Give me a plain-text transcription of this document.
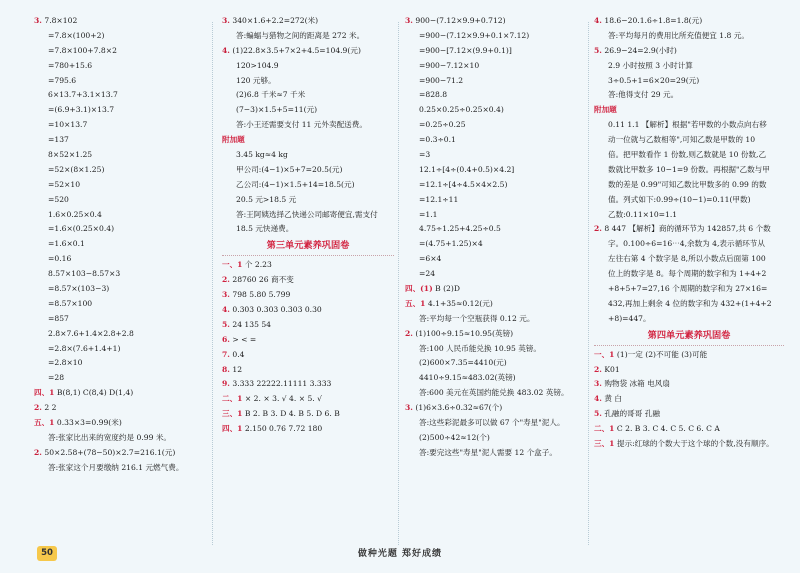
3. 7.8×102
=7.8×(100+2)
=7.8×100+7.8×2
=780+15.6
=795.6
6×13.7+3.1×13.7
=(6.9+3.1)×13.7
=10×13.7
=137
8×52×1.25
=52×(8×1.25)
=52×10
=520
1.6×0.25×0.4
=1.6×(0.25×0.4)
=1.6×0.1
=0.16
8.57×103−8.57×3
=8.57×(103−3)
=8.57×100
=857
2.8×7.6+1.4×2.8+2.8
=2.8×(7.6+1.4+1)
=2.8×10
=28
四、1 B(8,1) C(8,4) D(1,4)
2. 2 2
五、1 0.33×3=0.99(米)
答:张家比出来的宽度约是 0.99 米。
2. 50×2.58+(78−50)×2.7=216.1(元)
答:张家这个月要缴纳 216.1 元燃气费。
3. 340×1.6+2.2=272(米)
答:蝙蝠与猎物之间的距离是 272 米。
4. (1)22.8×3.5+7×2+4.5=104.9(元)
120>104.9
120 元够。
(2)6.8 千米≈7 千米
(7−3)×1.5+5=11(元)
答:小王还需要支付 11 元外卖配送费。
附加题
3.45 kg≈4 kg
甲公司:(4−1)×5+7=20.5(元)
乙公司:(4−1)×1.5+14=18.5(元)
20.5 元>18.5 元
答:王阿姨选择乙快递公司邮寄便宜,需支付
18.5 元快递费。
第三单元素养巩固卷
一、1 个 2.23
2. 28760 26 商不变
3. 798 5.80 5.799
4. 0.303 0.303 0.303 0.30
5. 24 135 54
6. > < =
7. 0.4
8. 12
9. 3.333 22222.11111 3.333
二、1 × 2. × 3. √ 4. × 5. √
三、1 B 2. B 3. D 4. B 5. D 6. B
四、1 2.150 0.76 7.72 180
3. 900−(7.12×9.9+0.712)
=900−(7.12×9.9+0.1×7.12)
=900−[7.12×(9.9+0.1)]
=900−7.12×10
=900−71.2
=828.8
0.25×0.25÷0.25×0.4)
=0.25÷0.25
=0.3÷0.1
=3
12.1÷[4÷(0.4+0.5)×4.2]
=12.1÷[4÷4.5×4×2.5)
=12.1÷11
=1.1
4.75÷1.25+4.25÷0.5
=(4.75+1.25)×4
=6×4
=24
四、(1) B (2)D
五、1 4.1+35≈0.12(元)
答:平均每一个空瓶获得 0.12 元。
2. (1)100÷9.15≈10.95(英镑)
答:100 人民币能兑换 10.95 英镑。
(2)600×7.35=4410(元)
4410÷9.15≈483.02(英镑)
答:600 美元在英国约能兑换 483.02 英镑。
3. (1)6×3.6÷0.32≈67(个)
答:这些彩泥最多可以做 67 个"寿星"泥人。
(2)500÷42≈12(个)
答:要完这些"寿星"泥人需要 12 个盒子。
4. 18.6−20.1.6÷1.8=1.8(元)
答:平均每月的费用比所充值便宜 1.8 元。
5. 26.9−24=2.9(小时)
2.9 小时按照 3 小时计算
3÷0.5+1=6×20=29(元)
答:他得支付 29 元。
附加题
0.11 1.1 【解析】根据"若甲数的小数点向右移
动一位就与乙数相等",可知乙数是甲数的 10
倍。把甲数看作 1 份数,则乙数就是 10 份数,乙
数就比甲数多 10−1=9 份数。再根据"乙数与甲
数的差是 0.99"可知乙数比甲数多的 0.99 的数
值。列式如下:0.99÷(10−1)=0.11(甲数)
乙数:0.11×10=1.1
2. 8 447 【解析】商的循环节为 142857,共 6 个数
字。0.100÷6=16⋯4,余数为 4,表示循环节从
左往右第 4 个数字是 8,所以小数点后面第 100
位上的数字是 8。每个周期的数字和为 1+4+2
+8+5+7=27,16 个周期的数字和为 27×16=
432,再加上剩余 4 位的数字和为 432+(1+4+2
+8)=447。
第四单元素养巩固卷
一、1 (1)一定 (2)不可能 (3)可能
2. K01
3. 购物袋 冰箱 电风扇
4. 黄 白
5. 孔融的哥哥 孔融
二、1 C 2. B 3. C 4. C 5. C 6. C A
三、1 提示:红球的个数大于这个球的个数,没有顺序。
50	做种光题 郑好成绩
